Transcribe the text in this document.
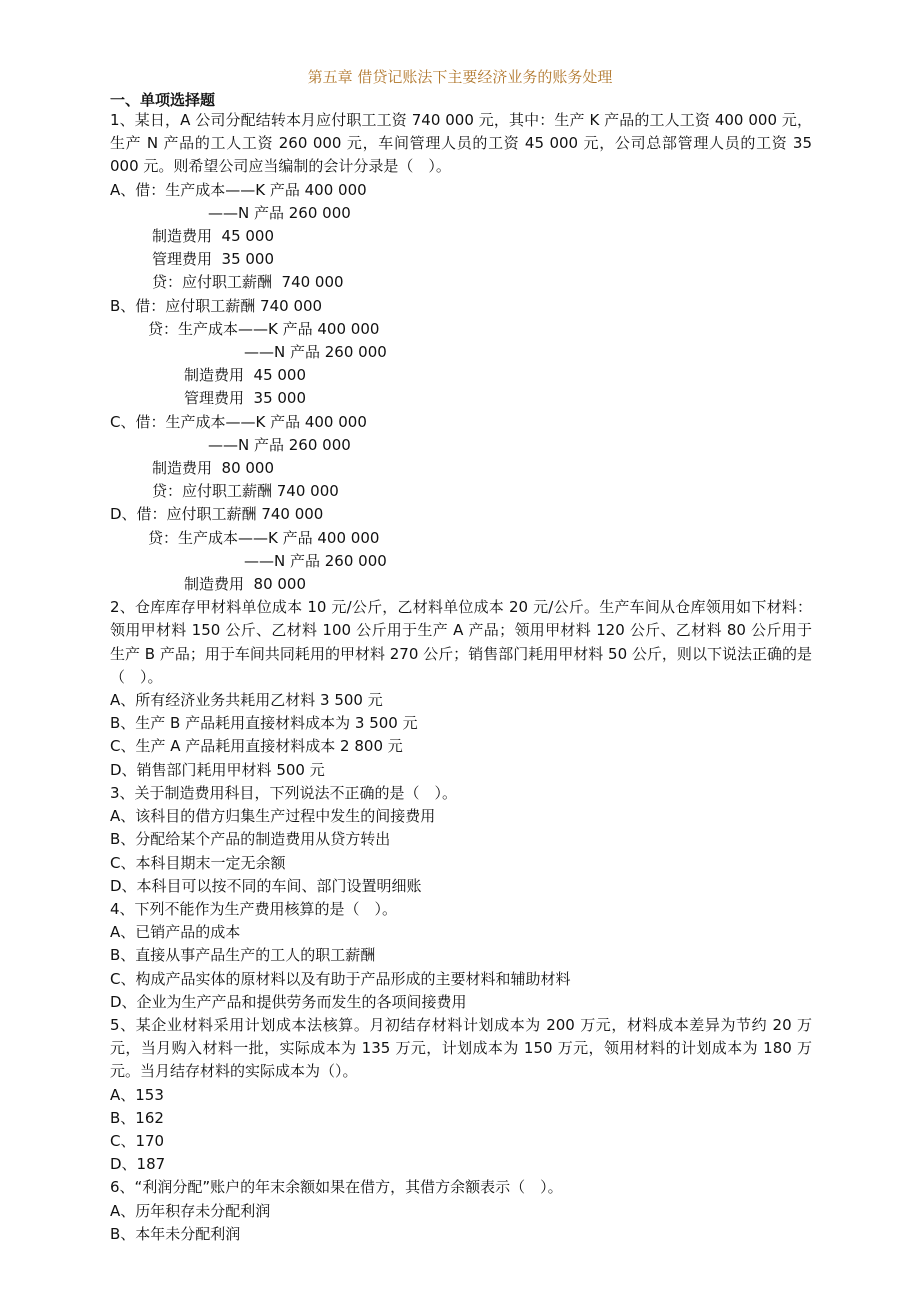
第五章 借贷记账法下主要经济业务的账务处理
一、单项选择题

1、某日，A 公司分配结转本月应付职工工资 740 000 元，其中：生产 K 产品的工人工资 400 000 元，生产 N 产品的工人工资 260 000 元，车间管理人员的工资 45 000 元，公司总部管理人员的工资 35 000 元。则希望公司应当编制的会计分录是（　）。

A、借：生产成本——K 产品 400 000

——N 产品 260 000

制造费用  45 000

管理费用  35 000

贷：应付职工薪酬  740 000

B、借：应付职工薪酬 740 000

贷：生产成本——K 产品 400 000

——N 产品 260 000

制造费用  45 000

管理费用  35 000

C、借：生产成本——K 产品 400 000

——N 产品 260 000

制造费用  80 000

贷：应付职工薪酬 740 000

D、借：应付职工薪酬 740 000

贷：生产成本——K 产品 400 000

——N 产品 260 000

制造费用  80 000

2、仓库库存甲材料单位成本 10 元/公斤，乙材料单位成本 20 元/公斤。生产车间从仓库领用如下材料：领用甲材料 150 公斤、乙材料 100 公斤用于生产 A 产品；领用甲材料 120 公斤、乙材料 80 公斤用于生产 B 产品；用于车间共同耗用的甲材料 270 公斤；销售部门耗用甲材料 50 公斤，则以下说法正确的是（　）。

A、所有经济业务共耗用乙材料 3 500 元

B、生产 B 产品耗用直接材料成本为 3 500 元

C、生产 A 产品耗用直接材料成本 2 800 元

D、销售部门耗用甲材料 500 元

3、关于制造费用科目，下列说法不正确的是（　）。

A、该科目的借方归集生产过程中发生的间接费用

B、分配给某个产品的制造费用从贷方转出

C、本科目期末一定无余额

D、本科目可以按不同的车间、部门设置明细账

4、下列不能作为生产费用核算的是（　）。

A、已销产品的成本

B、直接从事产品生产的工人的职工薪酬

C、构成产品实体的原材料以及有助于产品形成的主要材料和辅助材料

D、企业为生产产品和提供劳务而发生的各项间接费用

5、某企业材料采用计划成本法核算。月初结存材料计划成本为 200 万元，材料成本差异为节约 20 万元，当月购入材料一批，实际成本为 135 万元，计划成本为 150 万元，领用材料的计划成本为 180 万元。当月结存材料的实际成本为（）。

A、153

B、162

C、170

D、187

6、“利润分配”账户的年末余额如果在借方，其借方余额表示（　）。

A、历年积存未分配利润

B、本年未分配利润
